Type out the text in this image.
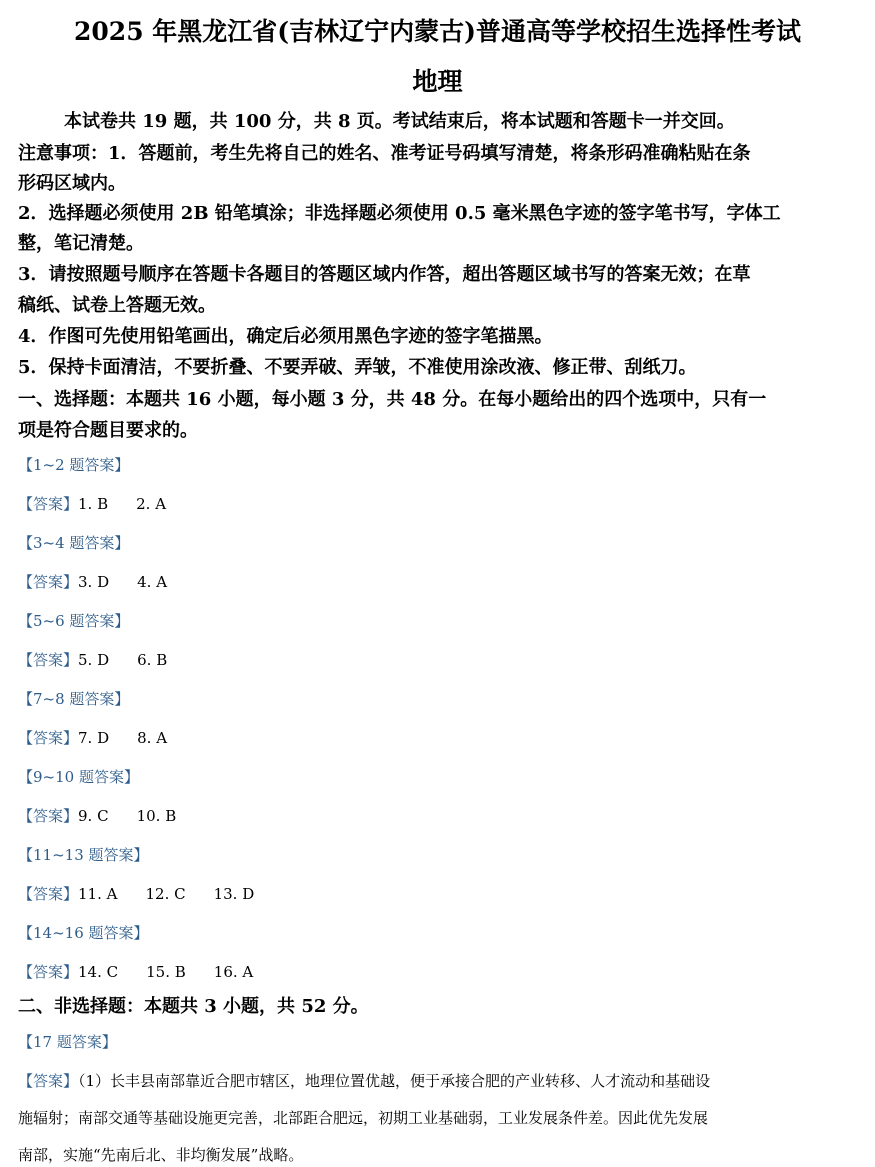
2025 年黑龙江省(吉林辽宁内蒙古)普通高等学校招生选择性考试
地理
本试卷共 19 题，共 100 分，共 8 页。考试结束后，将本试题和答题卡一并交回。
注意事项：1．答题前，考生先将自己的姓名、准考证号码填写清楚，将条形码准确粘贴在条
形码区域内。
2．选择题必须使用 2B 铅笔填涂；非选择题必须使用 0.5 毫米黑色字迹的签字笔书写，字体工
整，笔记清楚。
3．请按照题号顺序在答题卡各题目的答题区域内作答，超出答题区域书写的答案无效；在草
稿纸、试卷上答题无效。
4．作图可先使用铅笔画出，确定后必须用黑色字迹的签字笔描黑。
5．保持卡面清洁，不要折叠、不要弄破、弄皱，不准使用涂改液、修正带、刮纸刀。
一、选择题：本题共 16 小题，每小题 3 分，共 48 分。在每小题给出的四个选项中，只有一
项是符合题目要求的。
【1~2 题答案】
【答案】1. B 2. A
【3~4 题答案】
【答案】3. D 4. A
【5~6 题答案】
【答案】5. D 6. B
【7~8 题答案】
【答案】7. D 8. A
【9~10 题答案】
【答案】9. C 10. B
【11~13 题答案】
【答案】11. A 12. C 13. D
【14~16 题答案】
【答案】14. C 15. B 16. A
二、非选择题：本题共 3 小题，共 52 分。
【17 题答案】
【答案】（1）长丰县南部靠近合肥市辖区，地理位置优越，便于承接合肥的产业转移、人才流动和基础设
施辐射；南部交通等基础设施更完善，北部距合肥远，初期工业基础弱，工业发展条件差。因此优先发展
南部，实施“先南后北、非均衡发展”战略。
